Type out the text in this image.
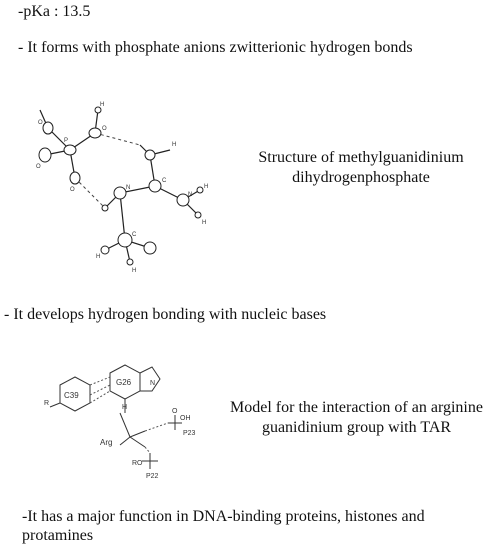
-pKa : 13.5
- It forms with phosphate anions zwitterionic hydrogen bonds
H
O
P
O
O
O	N
C
N
C
H
H
H
H
H
Structure of methylguanidinium
dihydrogenphosphate
- It develops hydrogen bonding with nucleic bases
C39
G26
Arg
P23
P22
OH
RO
O
N
H
R	Model for the interaction of an arginine
guanidinium group with TAR
-It has a major function in DNA-binding proteins, histones and protamines
